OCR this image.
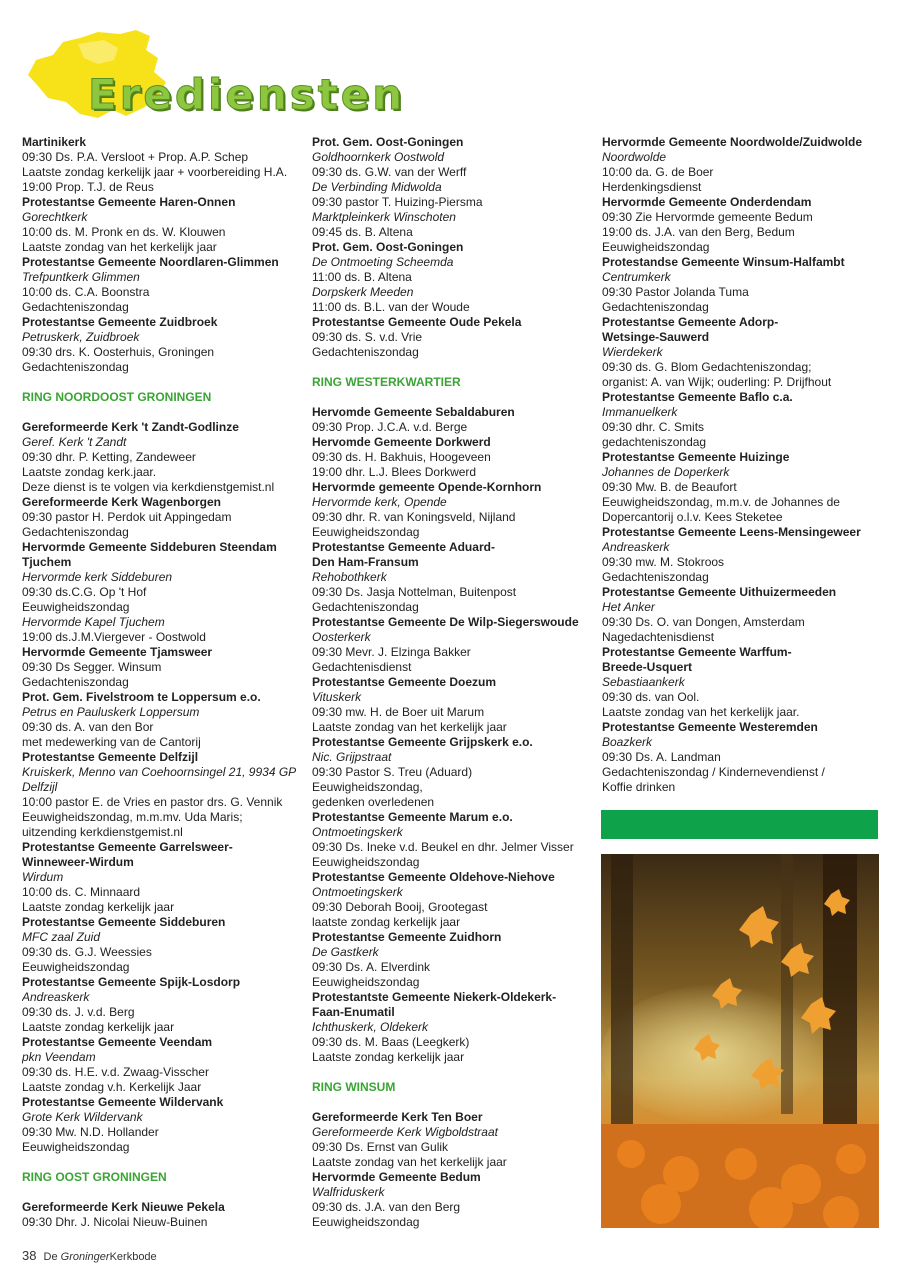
Erediensten
Martinikerk
09:30 Ds. P.A. Versloot + Prop. A.P. Schep
Laatste zondag kerkelijk jaar + voorbereiding H.A.
19:00 Prop. T.J. de Reus
Protestantse Gemeente Haren-Onnen
Gorechtkerk
10:00 ds. M. Pronk en ds. W. Klouwen
Laatste zondag van het kerkelijk jaar
Protestantse Gemeente Noordlaren-Glimmen
Trefpuntkerk Glimmen
10:00 ds. C.A. Boonstra
Gedachteniszondag
Protestantse Gemeente Zuidbroek
Petruskerk, Zuidbroek
09:30 drs. K. Oosterhuis, Groningen
Gedachteniszondag
RING NOORDOOST GRONINGEN
Gereformeerde Kerk 't Zandt-Godlinze
Geref. Kerk 't Zandt
09:30 dhr. P. Ketting, Zandeweer
Laatste zondag kerk.jaar.
Deze dienst is te volgen via kerkdienstgemist.nl
Gereformeerde Kerk Wagenborgen
09:30 pastor H. Perdok uit Appingedam
Gedachteniszondag
Hervormde Gemeente Siddeburen Steendam
Tjuchem
Hervormde kerk Siddeburen
09:30 ds.C.G. Op 't Hof
Eeuwigheidszondag
Hervormde Kapel Tjuchem
19:00 ds.J.M.Viergever - Oostwold
Hervormde Gemeente Tjamsweer
09:30 Ds Segger. Winsum
Gedachteniszondag
Prot. Gem. Fivelstroom te Loppersum e.o.
Petrus en Pauluskerk Loppersum
09:30 ds. A. van den Bor
met medewerking van de Cantorij
Protestantse Gemeente Delfzijl
Kruiskerk, Menno van Coehoornsingel 21, 9934 GP
Delfzijl
10:00 pastor E. de Vries en pastor drs. G. Vennik
Eeuwigheidszondag, m.m.mv. Uda Maris;
uitzending kerkdienstgemist.nl
Protestantse Gemeente Garrelsweer-
Winneweer-Wirdum
Wirdum
10:00 ds. C. Minnaard
Laatste zondag kerkelijk jaar
Protestantse Gemeente Siddeburen
MFC zaal Zuid
09:30 ds. G.J. Weessies
Eeuwigheidszondag
Protestantse Gemeente Spijk-Losdorp
Andreaskerk
09:30 ds. J. v.d. Berg
Laatste zondag kerkelijk jaar
Protestantse Gemeente Veendam
pkn Veendam
09:30 ds. H.E. v.d. Zwaag-Visscher
Laatste zondag v.h. Kerkelijk Jaar
Protestantse Gemeente Wildervank
Grote Kerk Wildervank
09:30 Mw. N.D. Hollander
Eeuwigheidszondag
RING OOST GRONINGEN
Gereformeerde Kerk Nieuwe Pekela
09:30 Dhr. J. Nicolai Nieuw-Buinen
Prot. Gem. Oost-Goningen
Goldhoornkerk Oostwold
09:30 ds. G.W. van der Werff
De Verbinding Midwolda
09:30 pastor T. Huizing-Piersma
Marktpleinkerk Winschoten
09:45 ds. B. Altena
Prot. Gem. Oost-Goningen
De Ontmoeting Scheemda
11:00 ds. B. Altena
Dorpskerk Meeden
11:00 ds. B.L. van der Woude
Protestantse Gemeente Oude Pekela
09:30 ds. S. v.d. Vrie
Gedachteniszondag
RING WESTERKWARTIER
Hervomde Gemeente Sebaldaburen
09:30 Prop. J.C.A. v.d. Berge
Hervomde Gemeente Dorkwerd
09:30 ds. H. Bakhuis, Hoogeveen
19:00 dhr. L.J. Blees Dorkwerd
Hervormde gemeente Opende-Kornhorn
Hervormde kerk, Opende
09:30 dhr. R. van Koningsveld, Nijland
Eeuwigheidszondag
Protestantse Gemeente Aduard-
Den Ham-Fransum
Rehobothkerk
09:30 Ds. Jasja Nottelman, Buitenpost
Gedachteniszondag
Protestantse Gemeente De Wilp-Siegerswoude
Oosterkerk
09:30 Mevr. J. Elzinga Bakker
Gedachtenisdienst
Protestantse Gemeente Doezum
Vituskerk
09:30 mw. H. de Boer uit Marum
Laatste zondag van het kerkelijk jaar
Protestantse Gemeente Grijpskerk e.o.
Nic. Grijpstraat
09:30 Pastor S. Treu (Aduard)
Eeuwigheidszondag,
gedenken overledenen
Protestantse Gemeente Marum e.o.
Ontmoetingskerk
09:30 Ds. Ineke v.d. Beukel en dhr. Jelmer Visser
Eeuwigheidszondag
Protestantse Gemeente Oldehove-Niehove
Ontmoetingskerk
09:30 Deborah Booij, Grootegast
laatste zondag kerkelijk jaar
Protestantse Gemeente Zuidhorn
De Gastkerk
09:30 Ds. A. Elverdink
Eeuwigheidszondag
Protestantste Gemeente Niekerk-Oldekerk-
Faan-Enumatil
Ichthuskerk, Oldekerk
09:30 ds. M. Baas (Leegkerk)
Laatste zondag kerkelijk jaar
RING WINSUM
Gereformeerde Kerk Ten Boer
Gereformeerde Kerk Wigboldstraat
09:30 Ds. Ernst van Gulik
Laatste zondag van het kerkelijk jaar
Hervormde Gemeente Bedum
Walfriduskerk
09:30 ds. J.A. van den Berg
Eeuwigheidszondag
Hervormde Gemeente Noordwolde/Zuidwolde
Noordwolde
10:00 da. G. de Boer
Herdenkingsdienst
Hervormde Gemeente Onderdendam
09:30 Zie Hervormde gemeente Bedum
19:00 ds. J.A. van den Berg, Bedum
Eeuwigheidszondag
Protestandse Gemeente Winsum-Halfambt
Centrumkerk
09:30 Pastor Jolanda Tuma
Gedachteniszondag
Protestantse Gemeente Adorp-
Wetsinge-Sauwerd
Wierdekerk
09:30 ds. G. Blom Gedachteniszondag;
organist: A. van Wijk; ouderling: P. Drijfhout
Protestantse Gemeente Baflo c.a.
Immanuelkerk
09:30 dhr. C. Smits
gedachteniszondag
Protestantse Gemeente Huizinge
Johannes de Doperkerk
09:30 Mw. B. de Beaufort
Eeuwigheidszondag, m.m.v. de Johannes de
Dopercantorij o.l.v. Kees Steketee
Protestantse Gemeente Leens-Mensingeweer
Andreaskerk
09:30 mw. M. Stokroos
Gedachteniszondag
Protestantse Gemeente Uithuizermeeden
Het Anker
09:30 Ds. O. van Dongen, Amsterdam
Nagedachtenisdienst
Protestantse Gemeente Warffum-
Breede-Usquert
Sebastiaankerk
09:30 ds. van Ool.
Laatste zondag van het kerkelijk jaar.
Protestantse Gemeente Westeremden
Boazkerk
09:30 Ds. A. Landman
Gedachteniszondag / Kindernevendienst /
Koffie drinken
38 De GroningerKerkbode
